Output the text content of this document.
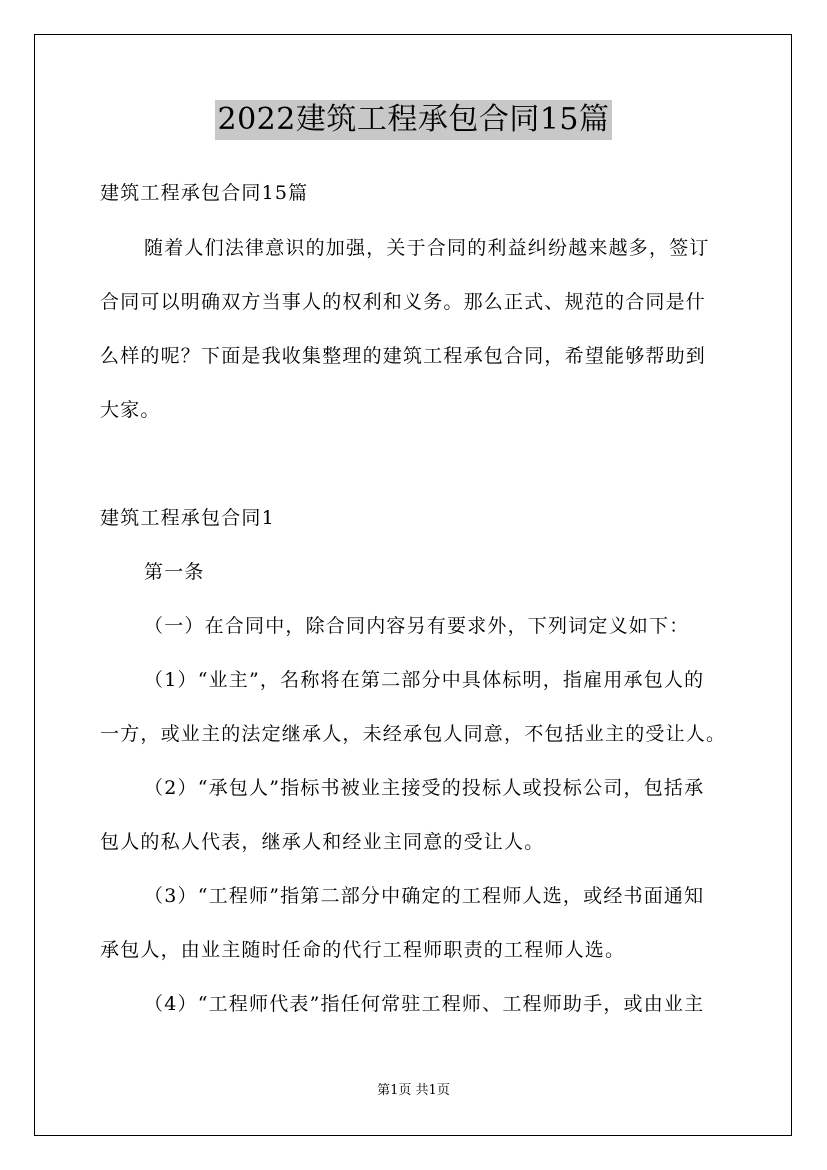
2022建筑工程承包合同15篇
建筑工程承包合同15篇
随着人们法律意识的加强，关于合同的利益纠纷越来越多，签订
合同可以明确双方当事人的权利和义务。那么正式、规范的合同是什
么样的呢？下面是我收集整理的建筑工程承包合同，希望能够帮助到
大家。
建筑工程承包合同1
第一条
（一）在合同中，除合同内容另有要求外，下列词定义如下：
（1）“业主”，名称将在第二部分中具体标明，指雇用承包人的
一方，或业主的法定继承人，未经承包人同意，不包括业主的受让人。
（2）“承包人”指标书被业主接受的投标人或投标公司，包括承
包人的私人代表，继承人和经业主同意的受让人。
（3）“工程师”指第二部分中确定的工程师人选，或经书面通知
承包人，由业主随时任命的代行工程师职责的工程师人选。
（4）“工程师代表”指任何常驻工程师、工程师助手，或由业主
第1页 共1页
